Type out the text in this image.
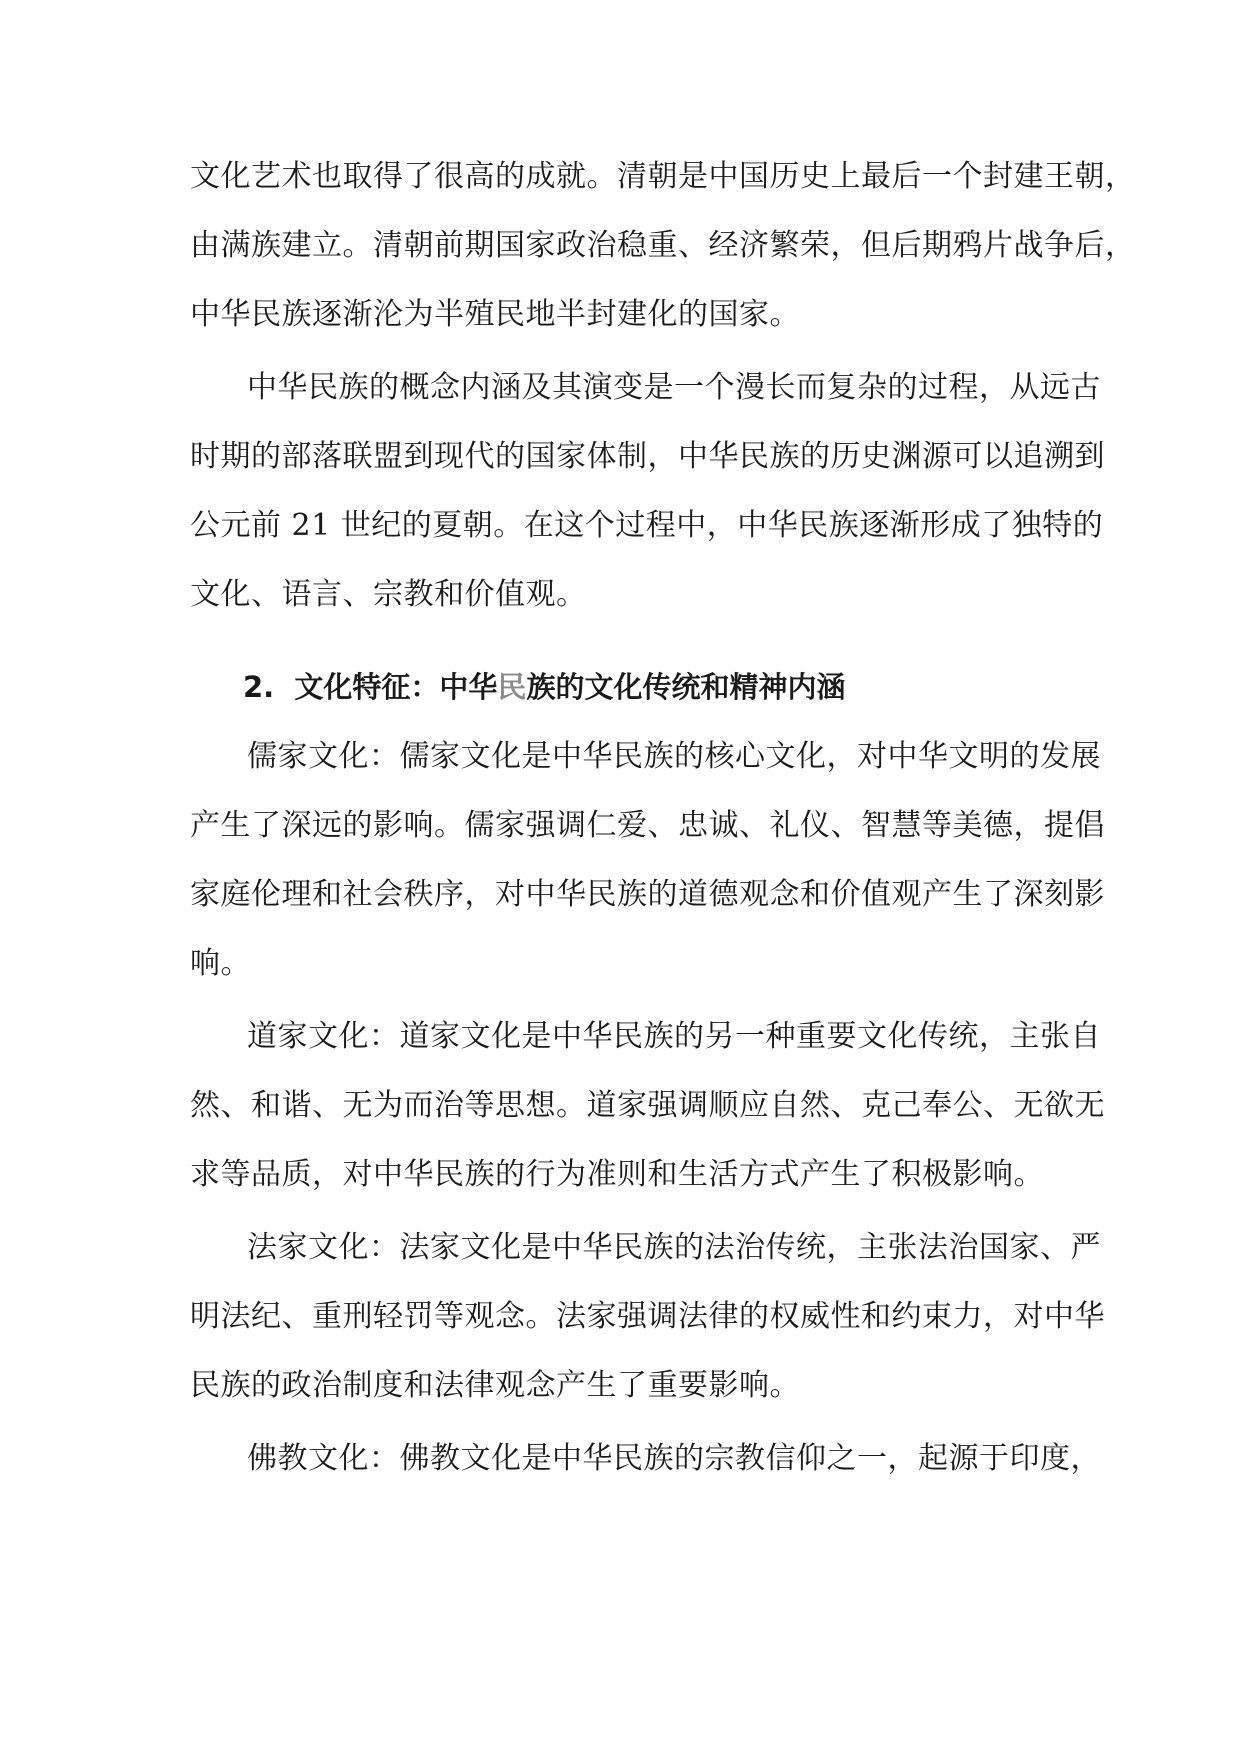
文化艺术也取得了很高的成就。清朝是中国历史上最后一个封建王朝，
由满族建立。清朝前期国家政治稳重、经济繁荣，但后期鸦片战争后，
中华民族逐渐沦为半殖民地半封建化的国家。
中华民族的概念内涵及其演变是一个漫长而复杂的过程，从远古
时期的部落联盟到现代的国家体制，中华民族的历史渊源可以追溯到
公元前 21 世纪的夏朝。在这个过程中，中华民族逐渐形成了独特的
文化、语言、宗教和价值观。
2. 文化特征：中华民族的文化传统和精神内涵
儒家文化：儒家文化是中华民族的核心文化，对中华文明的发展
产生了深远的影响。儒家强调仁爱、忠诚、礼仪、智慧等美德，提倡
家庭伦理和社会秩序，对中华民族的道德观念和价值观产生了深刻影
响。
道家文化：道家文化是中华民族的另一种重要文化传统，主张自
然、和谐、无为而治等思想。道家强调顺应自然、克己奉公、无欲无
求等品质，对中华民族的行为准则和生活方式产生了积极影响。
法家文化：法家文化是中华民族的法治传统，主张法治国家、严
明法纪、重刑轻罚等观念。法家强调法律的权威性和约束力，对中华
民族的政治制度和法律观念产生了重要影响。
佛教文化：佛教文化是中华民族的宗教信仰之一，起源于印度，
